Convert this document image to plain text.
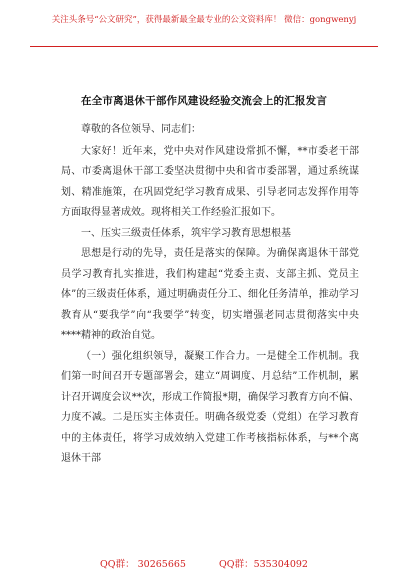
关注头条号“公文研究”，获得最新最全最专业的公文资料库！ 微信：gongwenyj
在全市离退休干部作风建设经验交流会上的汇报发言

尊敬的各位领导、同志们：

大家好！近年来，党中央对作风建设常抓不懈，**市委老干部局、市委离退休干部工委坚决贯彻中央和省市委部署，通过系统谋划、精准施策，在巩固党纪学习教育成果、引导老同志发挥作用等方面取得显著成效。现将相关工作经验汇报如下。

一、压实三级责任体系，筑牢学习教育思想根基

思想是行动的先导，责任是落实的保障。为确保离退休干部党员学习教育扎实推进，我们构建起“党委主责、支部主抓、党员主体”的三级责任体系，通过明确责任分工、细化任务清单，推动学习教育从“要我学”向“我要学”转变，切实增强老同志贯彻落实中央****精神的政治自觉。

（一）强化组织领导，凝聚工作合力。一是健全工作机制。我们第一时间召开专题部署会，建立“周调度、月总结”工作机制，累计召开调度会议**次，形成工作简报*期，确保学习教育方向不偏、力度不减。二是压实主体责任。明确各级党委（党组）在学习教育中的主体责任，将学习成效纳入党建工作考核指标体系，与**个离退休干部

QQ群： 30265665	QQ群：535304092
